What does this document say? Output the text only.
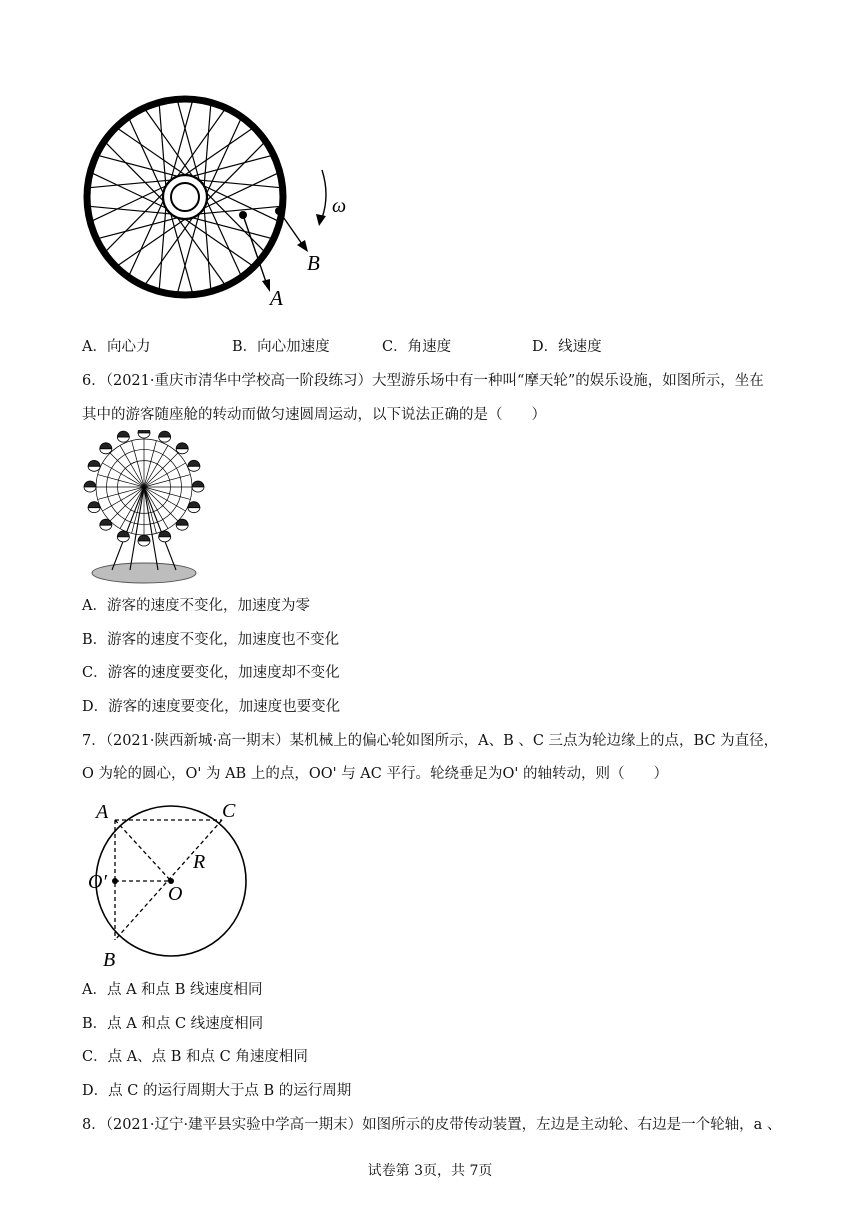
ω
B
A
A．向心力	B．向心加速度	C．角速度	D．线速度
6．（2021·重庆市清华中学校高一阶段练习）大型游乐场中有一种叫“摩天轮”的娱乐设施，如图所示，坐在
其中的游客随座舱的转动而做匀速圆周运动，以下说法正确的是（　　）
A．游客的速度不变化，加速度为零
B．游客的速度不变化，加速度也不变化
C．游客的速度要变化，加速度却不变化
D．游客的速度要变化，加速度也要变化
7．（2021·陕西新城·高一期末）某机械上的偏心轮如图所示，A、B 、C 三点为轮边缘上的点，BC 为直径，
O 为轮的圆心，O' 为 AB 上的点，OO' 与 AC 平行。轮绕垂足为O' 的轴转动，则（　　）
A	C
O′
O
R
B
A．点 A 和点 B 线速度相同
B．点 A 和点 C 线速度相同
C．点 A、点 B 和点 C 角速度相同
D．点 C 的运行周期大于点 B 的运行周期
8．（2021·辽宁·建平县实验中学高一期末）如图所示的皮带传动装置，左边是主动轮、右边是一个轮轴，a 、
试卷第 3页，共 7页
